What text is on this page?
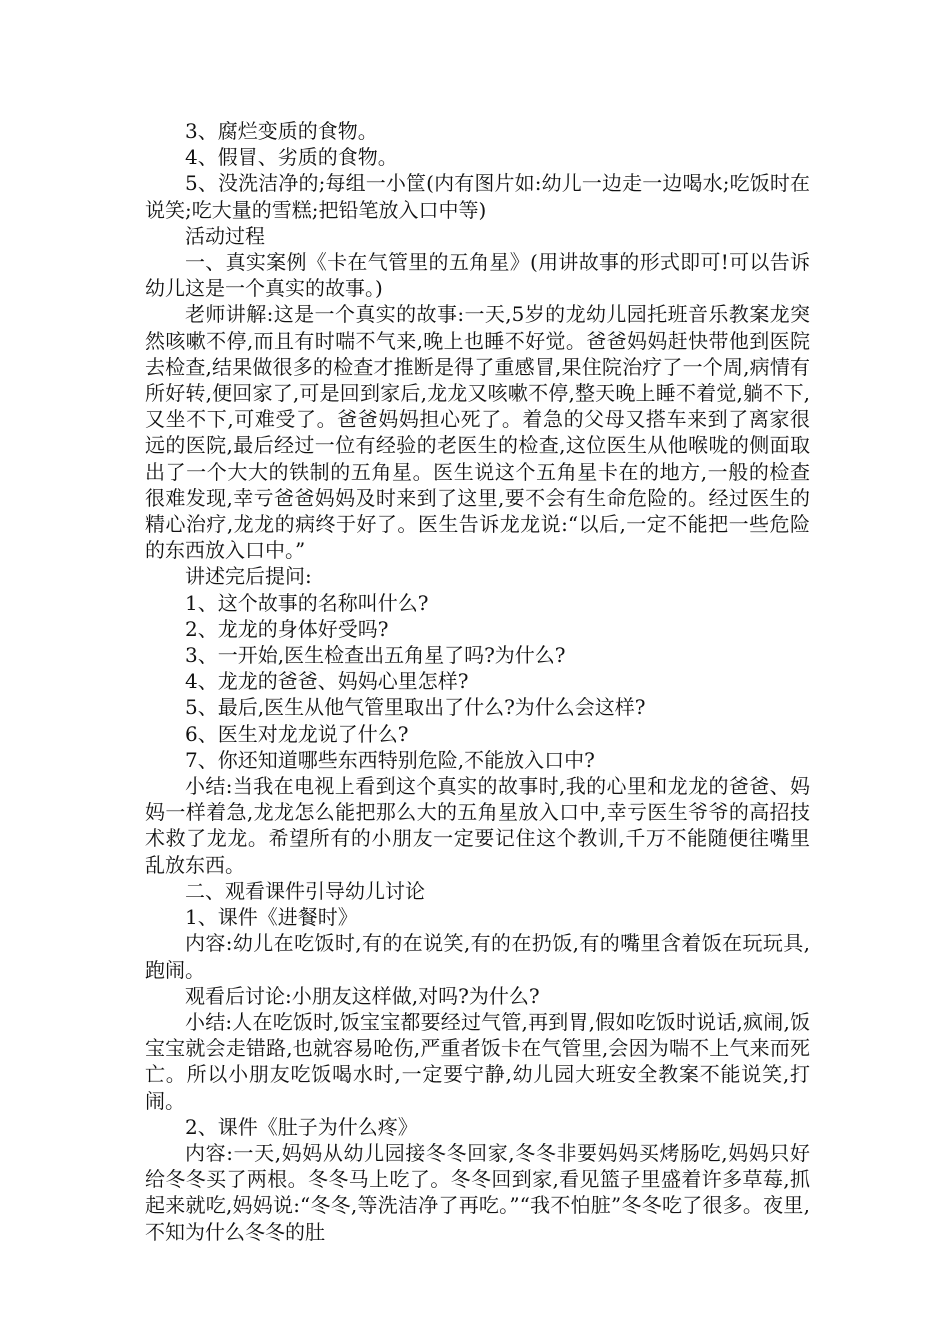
3、腐烂变质的食物。

4、假冒、劣质的食物。

5、没洗洁净的;每组一小筐(内有图片如:幼儿一边走一边喝水;吃饭时在说笑;吃大量的雪糕;把铅笔放入口中等)

活动过程

一、真实案例《卡在气管里的五角星》(用讲故事的形式即可!可以告诉幼儿这是一个真实的故事。)

老师讲解:这是一个真实的故事:一天,5岁的龙幼儿园托班音乐教案龙突然咳嗽不停,而且有时喘不气来,晚上也睡不好觉。爸爸妈妈赶快带他到医院去检查,结果做很多的检查才推断是得了重感冒,果住院治疗了一个周,病情有所好转,便回家了,可是回到家后,龙龙又咳嗽不停,整天晚上睡不着觉,躺不下,又坐不下,可难受了。爸爸妈妈担心死了。着急的父母又搭车来到了离家很远的医院,最后经过一位有经验的老医生的检查,这位医生从他喉咙的侧面取出了一个大大的铁制的五角星。医生说这个五角星卡在的地方,一般的检查很难发现,幸亏爸爸妈妈及时来到了这里,要不会有生命危险的。经过医生的精心治疗,龙龙的病终于好了。医生告诉龙龙说:“以后,一定不能把一些危险的东西放入口中。”

讲述完后提问:

1、这个故事的名称叫什么?

2、龙龙的身体好受吗?

3、一开始,医生检查出五角星了吗?为什么?

4、龙龙的爸爸、妈妈心里怎样?

5、最后,医生从他气管里取出了什么?为什么会这样?

6、医生对龙龙说了什么?

7、你还知道哪些东西特别危险,不能放入口中?

小结:当我在电视上看到这个真实的故事时,我的心里和龙龙的爸爸、妈妈一样着急,龙龙怎么能把那么大的五角星放入口中,幸亏医生爷爷的高招技术救了龙龙。希望所有的小朋友一定要记住这个教训,千万不能随便往嘴里乱放东西。

二、观看课件引导幼儿讨论

1、课件《进餐时》

内容:幼儿在吃饭时,有的在说笑,有的在扔饭,有的嘴里含着饭在玩玩具,跑闹。

观看后讨论:小朋友这样做,对吗?为什么?

小结:人在吃饭时,饭宝宝都要经过气管,再到胃,假如吃饭时说话,疯闹,饭宝宝就会走错路,也就容易呛伤,严重者饭卡在气管里,会因为喘不上气来而死亡。所以小朋友吃饭喝水时,一定要宁静,幼儿园大班安全教案不能说笑,打闹。

2、课件《肚子为什么疼》

内容:一天,妈妈从幼儿园接冬冬回家,冬冬非要妈妈买烤肠吃,妈妈只好给冬冬买了两根。冬冬马上吃了。冬冬回到家,看见篮子里盛着许多草莓,抓起来就吃,妈妈说:“冬冬,等洗洁净了再吃。”“我不怕脏”冬冬吃了很多。夜里,不知为什么冬冬的肚
